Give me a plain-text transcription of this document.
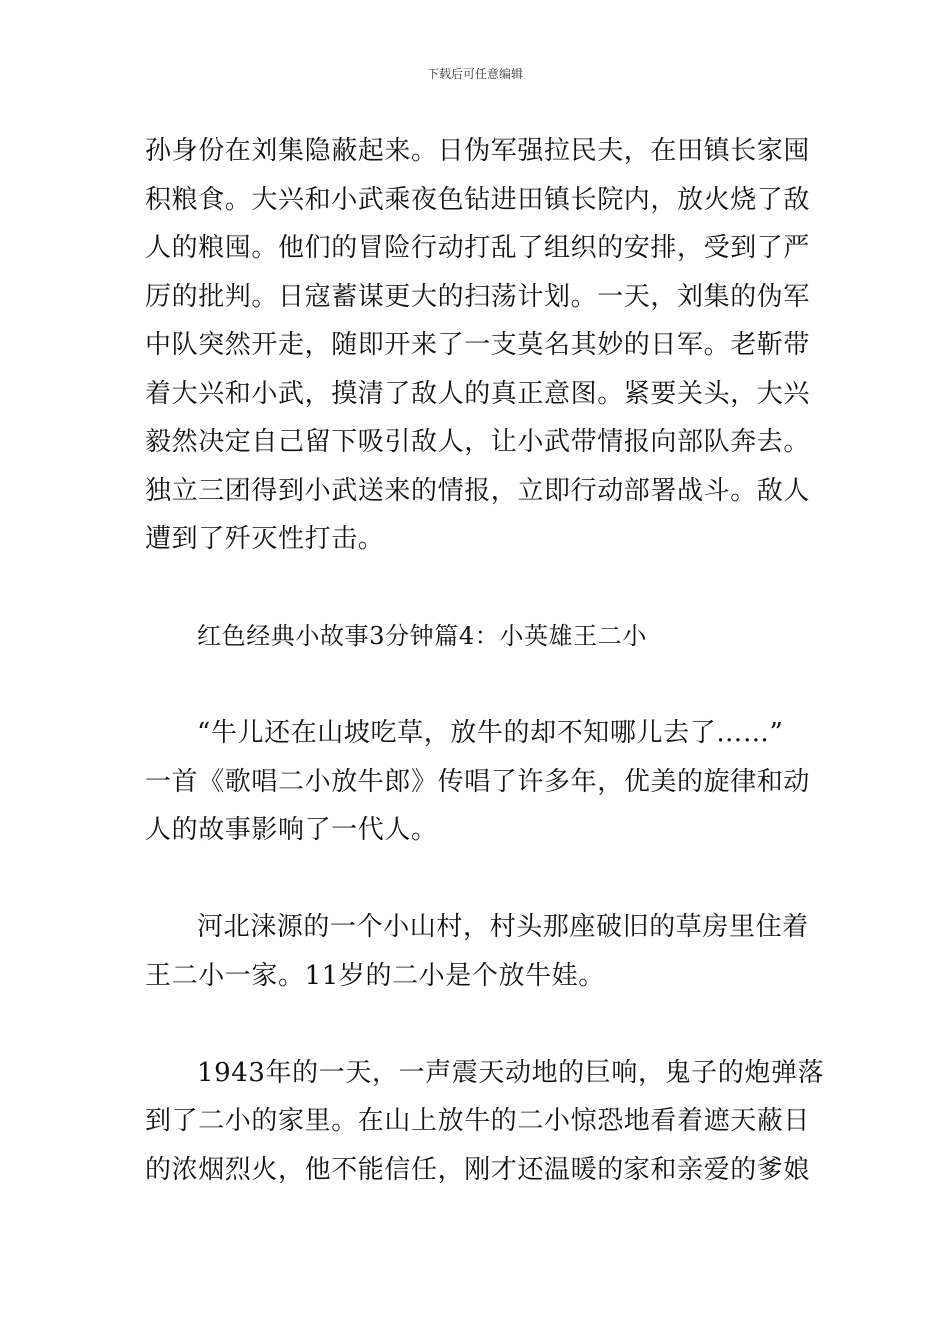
下载后可任意编辑
孙身份在刘集隐蔽起来。日伪军强拉民夫，在田镇长家囤
积粮食。大兴和小武乘夜色钻进田镇长院内，放火烧了敌
人的粮囤。他们的冒险行动打乱了组织的安排，受到了严
厉的批判。日寇蓄谋更大的扫荡计划。一天，刘集的伪军
中队突然开走，随即开来了一支莫名其妙的日军。老靳带
着大兴和小武，摸清了敌人的真正意图。紧要关头，大兴
毅然决定自己留下吸引敌人，让小武带情报向部队奔去。
独立三团得到小武送来的情报，立即行动部署战斗。敌人
遭到了歼灭性打击。
红色经典小故事3分钟篇4：小英雄王二小
“牛儿还在山坡吃草，放牛的却不知哪儿去了……”
一首《歌唱二小放牛郎》传唱了许多年，优美的旋律和动
人的故事影响了一代人。
河北涞源的一个小山村，村头那座破旧的草房里住着
王二小一家。11岁的二小是个放牛娃。
1943年的一天，一声震天动地的巨响，鬼子的炮弹落
到了二小的家里。在山上放牛的二小惊恐地看着遮天蔽日
的浓烟烈火，他不能信任，刚才还温暖的家和亲爱的爹娘
